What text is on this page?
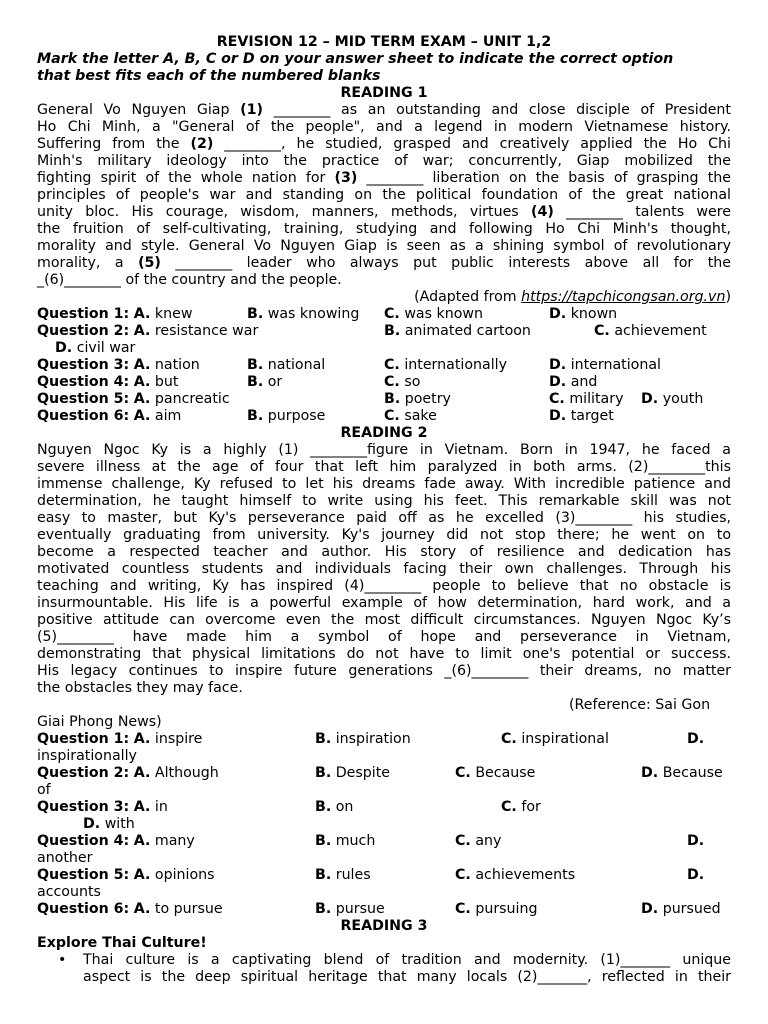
REVISION 12 – MID TERM EXAM – UNIT 1,2
Mark the letter A, B, C or D on your answer sheet to indicate the correct option
that best fits each of the numbered blanks
READING 1
General Vo Nguyen Giap (1) ________ as an outstanding and close disciple of President
Ho Chi Minh, a "General of the people", and a legend in modern Vietnamese history.
Suffering from the (2) ________, he studied, grasped and creatively applied the Ho Chi
Minh's military ideology into the practice of war; concurrently, Giap mobilized the
fighting spirit of the whole nation for (3) ________ liberation on the basis of grasping the
principles of people's war and standing on the political foundation of the great national
unity bloc. His courage, wisdom, manners, methods, virtues (4) ________ talents were
the fruition of self-cultivating, training, studying and following Ho Chi Minh's thought,
morality and style. General Vo Nguyen Giap is seen as a shining symbol of revolutionary
morality, a (5) ________ leader who always put public interests above all for the
_(6)________ of the country and the people.
(Adapted from https://tapchicongsan.org.vn)
Question 1: A. knew	B. was knowing C. was known	D. known
Question 2: A. resistance war	B. animated cartoon	C. achievement
D. civil war
Question 3: A. nation	B. national	C. internationally	D. international
Question 4: A. but	B. or	C. so	D. and
Question 5: A. pancreatic	B. poetry	C. military D. youth
Question 6: A. aim	B. purpose	C. sake	D. target
READING 2
Nguyen Ngoc Ky is a highly (1) ________figure in Vietnam. Born in 1947, he faced a
severe illness at the age of four that left him paralyzed in both arms. (2)________this
immense challenge, Ky refused to let his dreams fade away. With incredible patience and
determination, he taught himself to write using his feet. This remarkable skill was not
easy to master, but Ky's perseverance paid off as he excelled (3)________ his studies,
eventually graduating from university. Ky's journey did not stop there; he went on to
become a respected teacher and author. His story of resilience and dedication has
motivated countless students and individuals facing their own challenges. Through his
teaching and writing, Ky has inspired (4)________ people to believe that no obstacle is
insurmountable. His life is a powerful example of how determination, hard work, and a
positive attitude can overcome even the most difficult circumstances. Nguyen Ngoc Ky’s
(5)________ have made him a symbol of hope and perseverance in Vietnam,
demonstrating that physical limitations do not have to limit one's potential or success.
His legacy continues to inspire future generations _(6)________ their dreams, no matter
the obstacles they may face.
(Reference: Sai Gon
Giai Phong News)
Question 1: A. inspire	B. inspiration	C. inspirational	D.
inspirationally
Question 2: A. Although	B. Despite	C. Because	D. Because
of
Question 3: A. in	B. on	C. for
D. with
Question 4: A. many	B. much	C. any	D.
another
Question 5: A. opinions	B. rules	C. achievements	D.
accounts
Question 6: A. to pursue	B. pursue	C. pursuing	D. pursued
READING 3
Explore Thai Culture!
• Thai culture is a captivating blend of tradition and modernity. (1)_______ unique
aspect is the deep spiritual heritage that many locals (2)_______, reflected in their
